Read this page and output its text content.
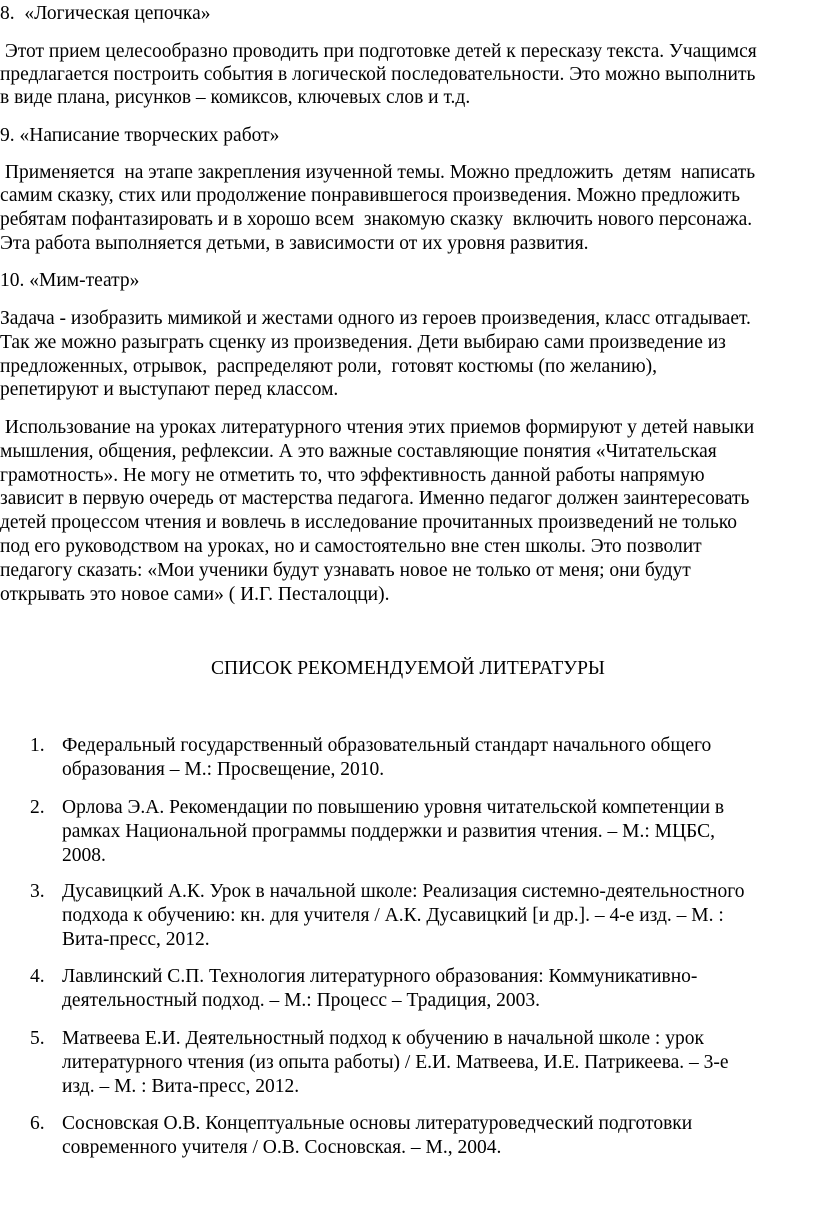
8.  «Логическая цепочка»
Этот прием целесообразно проводить при подготовке детей к пересказу текста. Учащимся
предлагается построить события в логической последовательности. Это можно выполнить
в виде плана, рисунков – комиксов, ключевых слов и т.д.
9. «Написание творческих работ»
Применяется  на этапе закрепления изученной темы. Можно предложить  детям  написать
самим сказку, стих или продолжение понравившегося произведения. Можно предложить
ребятам пофантазировать и в хорошо всем  знакомую сказку  включить нового персонажа.
Эта работа выполняется детьми, в зависимости от их уровня развития.
10. «Мим-театр»
Задача - изобразить мимикой и жестами одного из героев произведения, класс отгадывает.
Так же можно разыграть сценку из произведения. Дети выбираю сами произведение из
предложенных, отрывок,  распределяют роли,  готовят костюмы (по желанию),
репетируют и выступают перед классом.
Использование на уроках литературного чтения этих приемов формируют у детей навыки
мышления, общения, рефлексии. А это важные составляющие понятия «Читательская
грамотность». Не могу не отметить то, что эффективность данной работы напрямую
зависит в первую очередь от мастерства педагога. Именно педагог должен заинтересовать
детей процессом чтения и вовлечь в исследование прочитанных произведений не только
под его руководством на уроках, но и самостоятельно вне стен школы. Это позволит
педагогу сказать: «Мои ученики будут узнавать новое не только от меня; они будут
открывать это новое сами» ( И.Г. Песталоцци).
СПИСОК РЕКОМЕНДУЕМОЙ ЛИТЕРАТУРЫ
1. Федеральный государственный образовательный стандарт начального общего
образования – М.: Просвещение, 2010.
2. Орлова Э.А. Рекомендации по повышению уровня читательской компетенции в
рамках Национальной программы поддержки и развития чтения. – М.: МЦБС,
2008.
3. Дусавицкий А.К. Урок в начальной школе: Реализация системно-деятельностного
подхода к обучению: кн. для учителя / А.К. Дусавицкий [и др.]. – 4-е изд. – М. :
Вита-пресс, 2012.
4. Лавлинский С.П. Технология литературного образования: Коммуникативно-
деятельностный подход. – М.: Процесс – Традиция, 2003.
5. Матвеева Е.И. Деятельностный подход к обучению в начальной школе : урок
литературного чтения (из опыта работы) / Е.И. Матвеева, И.Е. Патрикеева. – 3-е
изд. – М. : Вита-пресс, 2012.
6. Сосновская О.В. Концептуальные основы литературоведческий подготовки
современного учителя / О.В. Сосновская. – М., 2004.
